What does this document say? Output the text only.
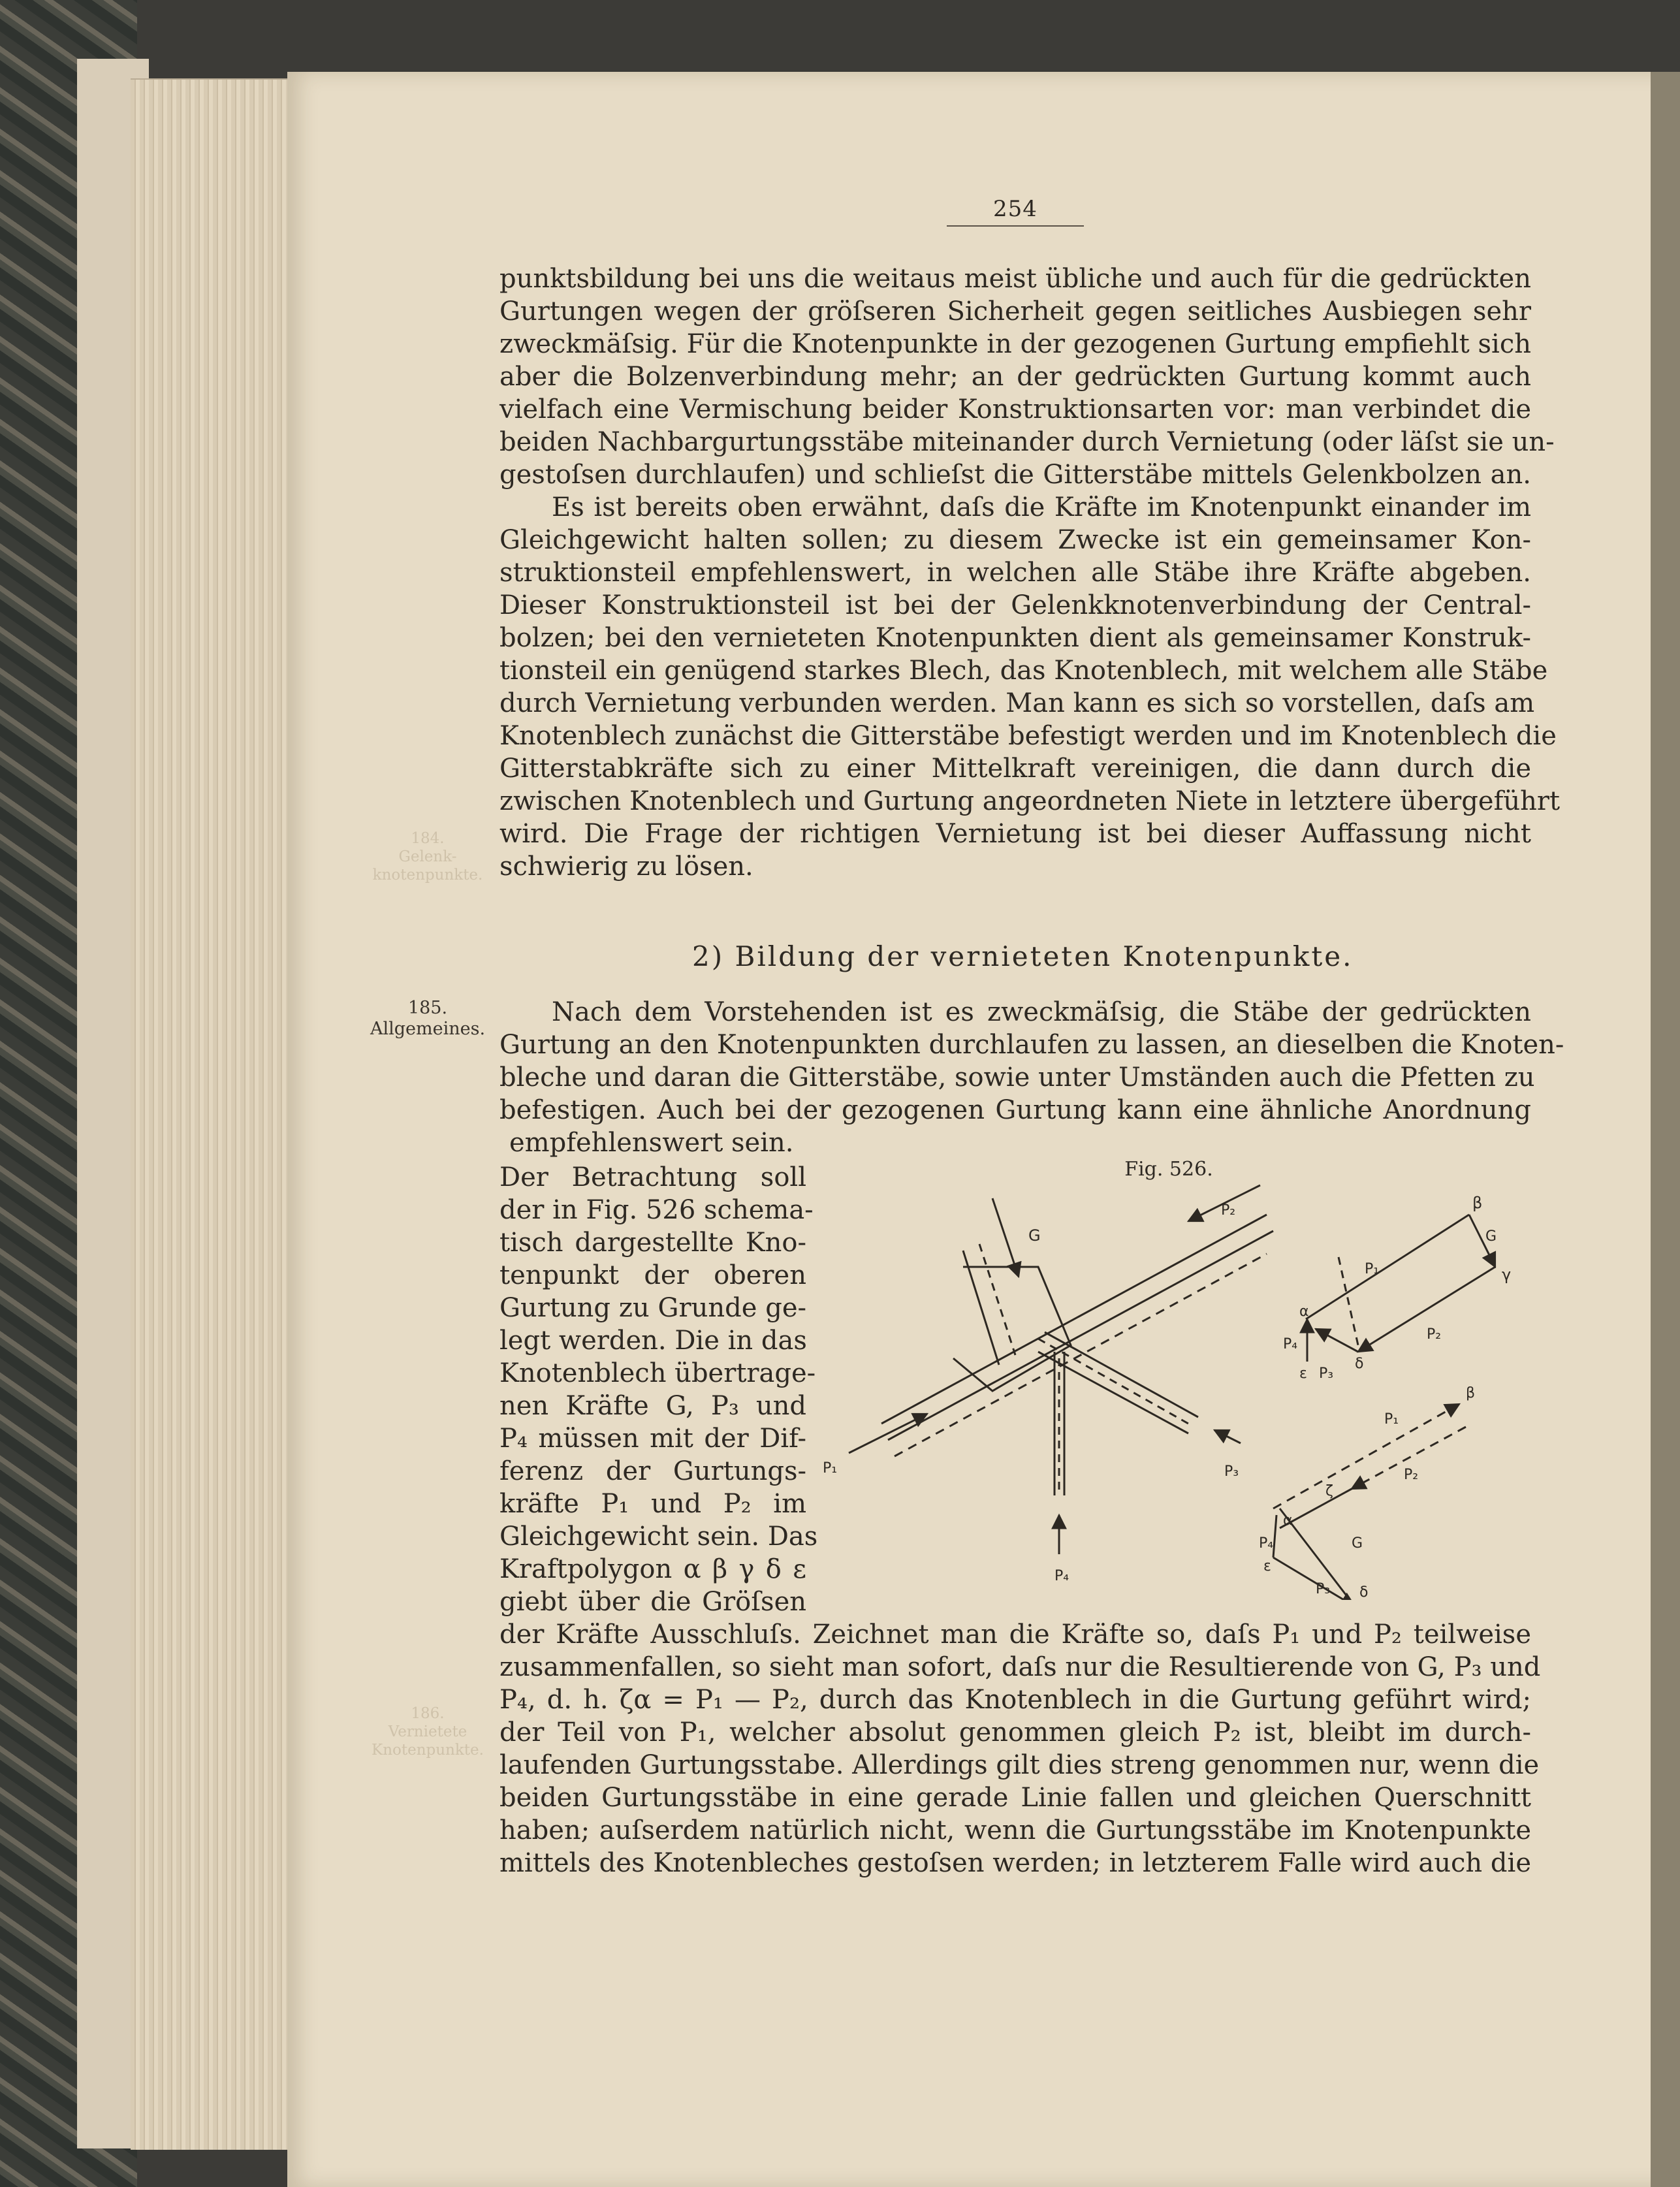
254
184.
Gelenk-
knotenpunkte.
186.
Vernietete
Knotenpunkte.
punktsbildung bei uns die weitaus meist übliche und auch für die gedrückten
Gurtungen wegen der gröſseren Sicherheit gegen seitliches Ausbiegen sehr
zweckmäſsig. Für die Knotenpunkte in der gezogenen Gurtung empfiehlt sich
aber die Bolzenverbindung mehr; an der gedrückten Gurtung kommt auch
vielfach eine Vermischung beider Konstruktionsarten vor: man verbindet die
beiden Nachbargurtungsstäbe miteinander durch Vernietung (oder läſst sie un-
gestoſsen durchlaufen) und schlieſst die Gitterstäbe mittels Gelenkbolzen an.
Es ist bereits oben erwähnt, daſs die Kräfte im Knotenpunkt einander im
Gleichgewicht halten sollen; zu diesem Zwecke ist ein gemeinsamer Kon-
struktionsteil empfehlenswert, in welchen alle Stäbe ihre Kräfte abgeben.
Dieser Konstruktionsteil ist bei der Gelenkknotenverbindung der Central-
bolzen; bei den vernieteten Knotenpunkten dient als gemeinsamer Konstruk-
tionsteil ein genügend starkes Blech, das Knotenblech, mit welchem alle Stäbe
durch Vernietung verbunden werden. Man kann es sich so vorstellen, daſs am
Knotenblech zunächst die Gitterstäbe befestigt werden und im Knotenblech die
Gitterstabkräfte sich zu einer Mittelkraft vereinigen, die dann durch die
zwischen Knotenblech und Gurtung angeordneten Niete in letztere übergeführt
wird. Die Frage der richtigen Vernietung ist bei dieser Auffassung nicht
schwierig zu lösen.
2) Bildung der vernieteten Knotenpunkte.
185.
Allgemeines.
Nach dem Vorstehenden ist es zweckmäſsig, die Stäbe der gedrückten
Gurtung an den Knotenpunkten durchlaufen zu lassen, an dieselben die Knoten-
bleche und daran die Gitterstäbe, sowie unter Umständen auch die Pfetten zu
befestigen. Auch bei der gezogenen Gurtung kann eine ähnliche Anordnung
empfehlenswert sein.
Der Betrachtung soll
der in Fig. 526 schema-
tisch dargestellte Kno-
tenpunkt der oberen
Gurtung zu Grunde ge-
legt werden. Die in das
Knotenblech übertrage-
nen Kräfte G, P₃ und
P₄ müssen mit der Dif-
ferenz der Gurtungs-
kräfte P₁ und P₂ im
Gleichgewicht sein. Das
Kraftpolygon α β γ δ ε
giebt über die Gröſsen
der Kräfte Ausschluſs. Zeichnet man die Kräfte so, daſs P₁ und P₂ teilweise
zusammenfallen, so sieht man sofort, daſs nur die Resultierende von G, P₃ und
P₄, d. h. ζα = P₁ — P₂, durch das Knotenblech in die Gurtung geführt wird;
der Teil von P₁, welcher absolut genommen gleich P₂ ist, bleibt im durch-
laufenden Gurtungsstabe. Allerdings gilt dies streng genommen nur, wenn die
beiden Gurtungsstäbe in eine gerade Linie fallen und gleichen Querschnitt
haben; auſserdem natürlich nicht, wenn die Gurtungsstäbe im Knotenpunkte
mittels des Knotenbleches gestoſsen werden; in letzterem Falle wird auch die
Fig. 526.
G
P₂
P₁	P₃
P₄
β
G
γ
P₁
P₂
α
P₄
ε P₃
δ
β
P₁
P₂
ζ
α
P₄
ε
G
P₃ δ
